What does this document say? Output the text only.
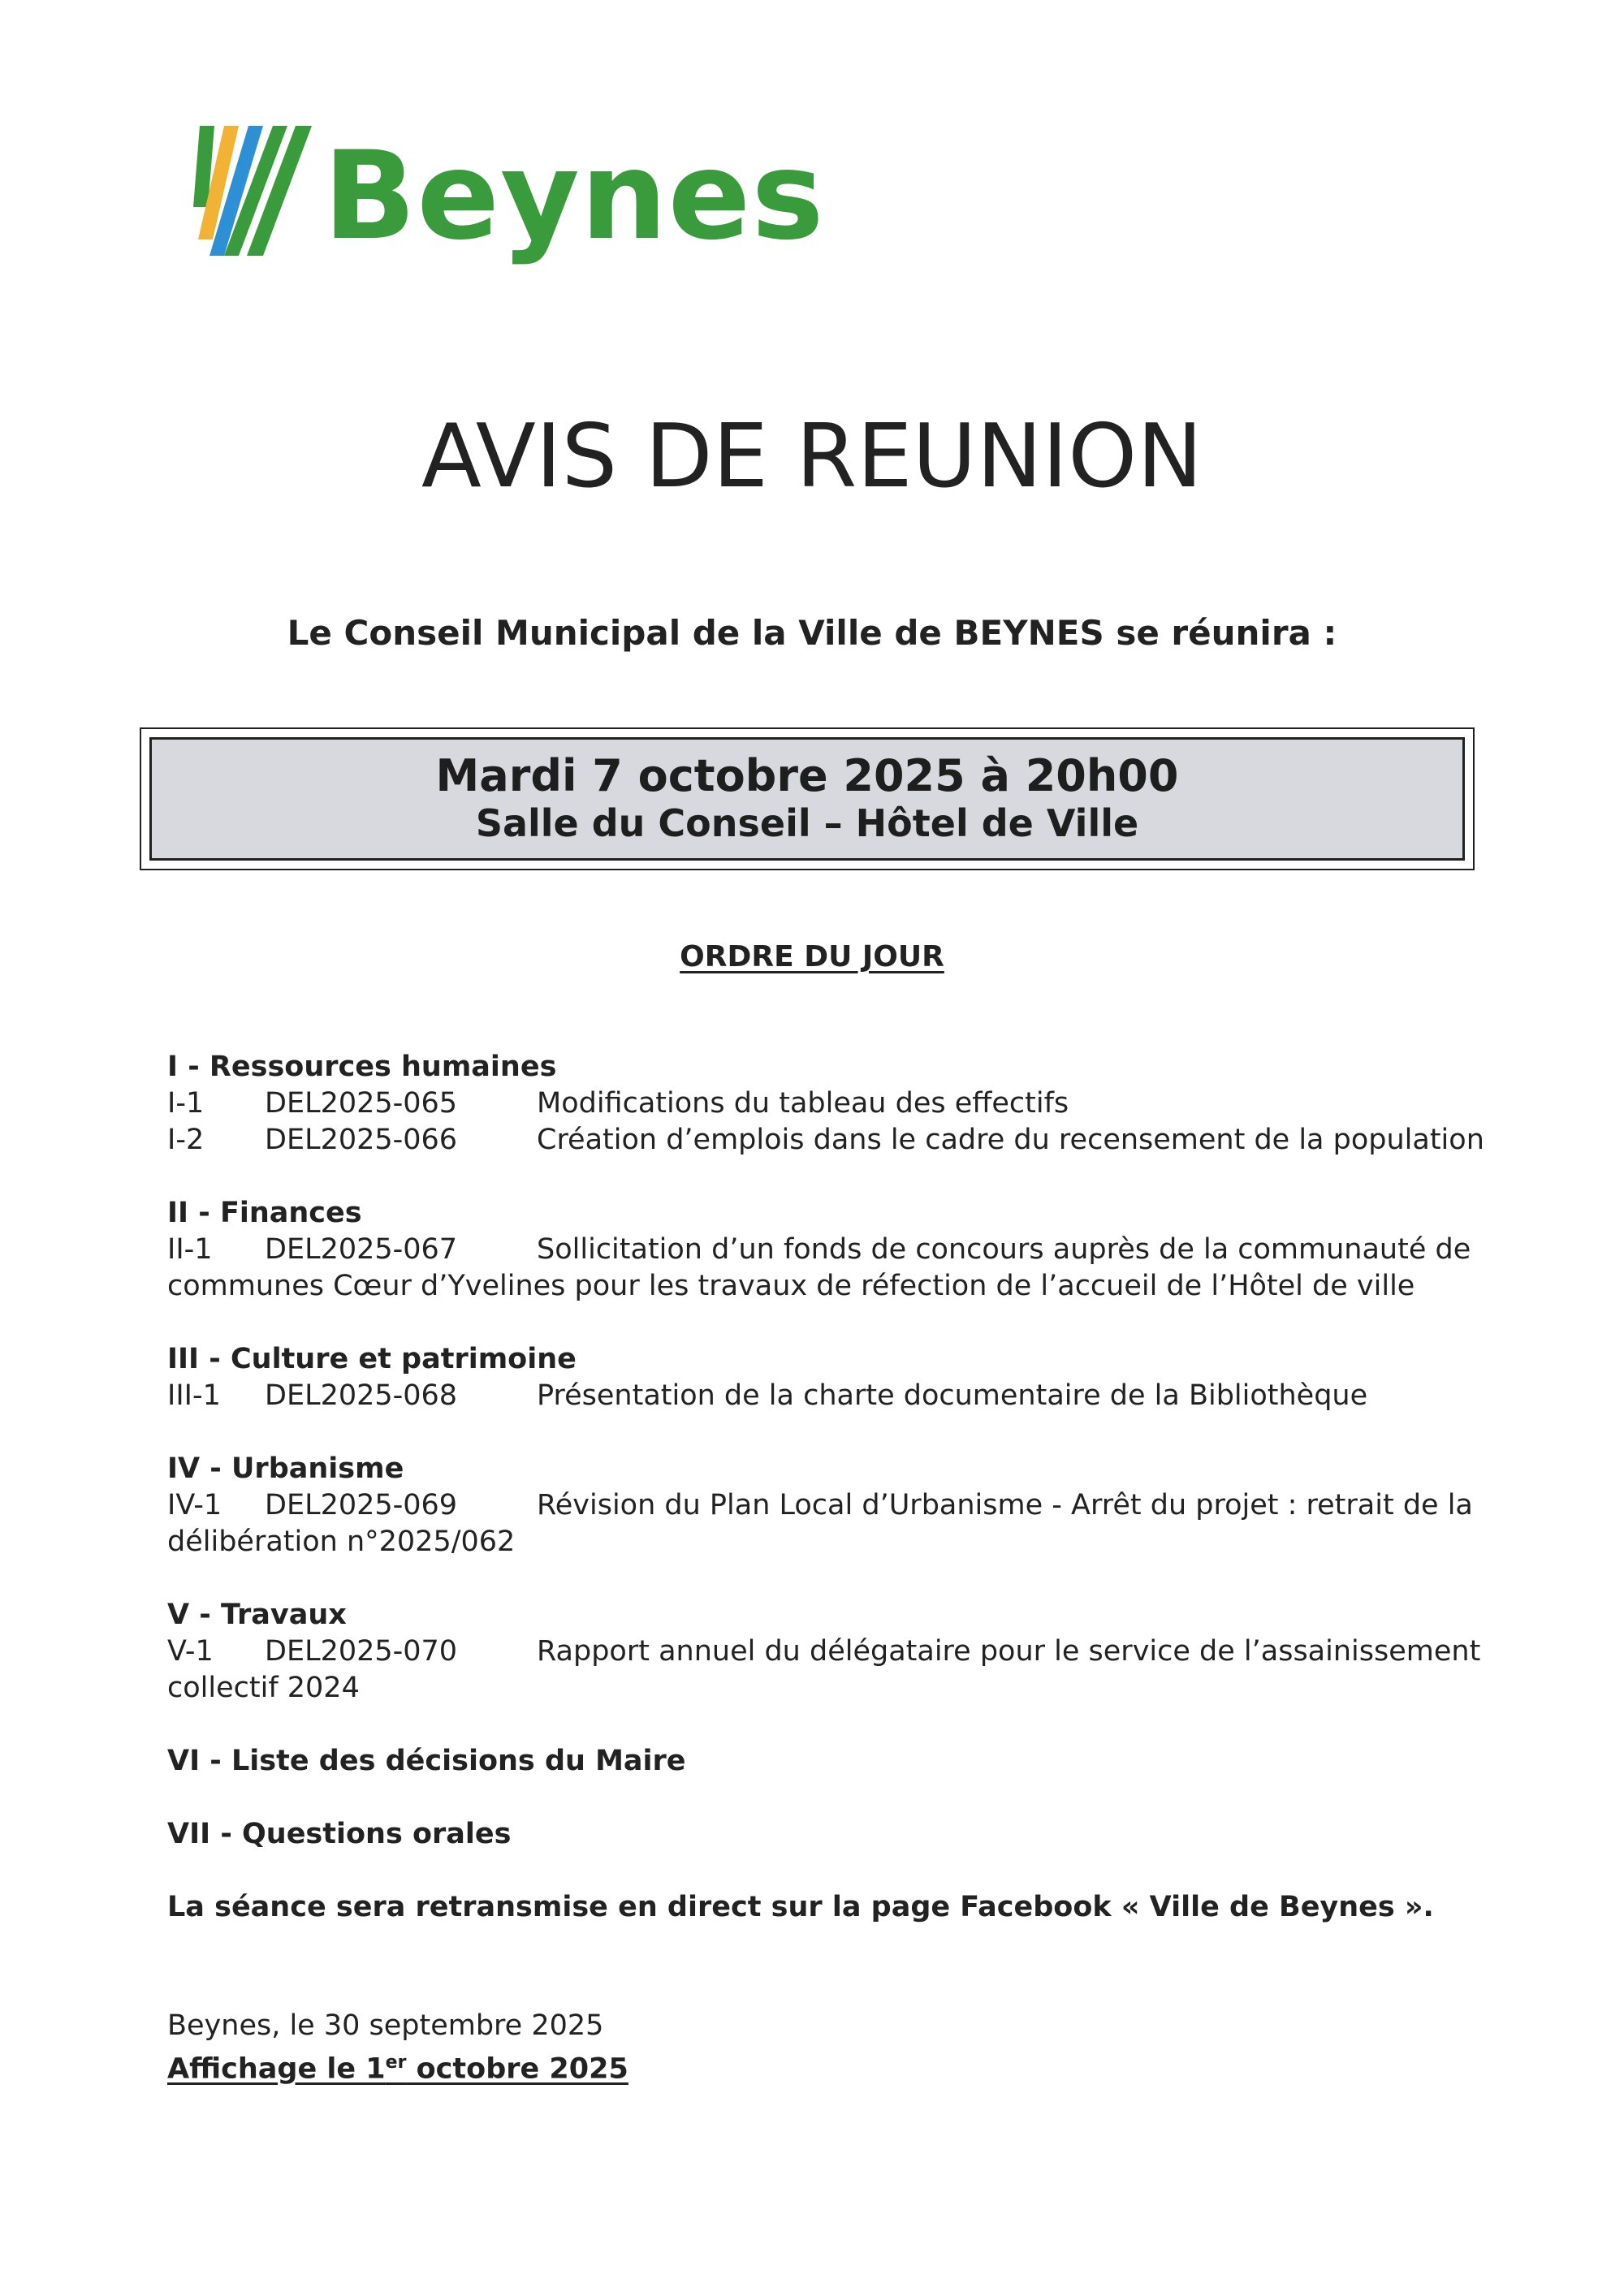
Beynes
AVIS DE REUNION
Le Conseil Municipal de la Ville de BEYNES se réunira :
Mardi 7 octobre 2025 à 20h00
Salle du Conseil – Hôtel de Ville
ORDRE DU JOUR
I - Ressources humaines
I-1	DEL2025-065	Modifications du tableau des effectifs
I-2	DEL2025-066	Création d’emplois dans le cadre du recensement de la population
II - Finances
II-1	DEL2025-067	Sollicitation d’un fonds de concours auprès de la communauté de
communes Cœur d’Yvelines pour les travaux de réfection de l’accueil de l’Hôtel de ville
III - Culture et patrimoine
III-1	DEL2025-068	Présentation de la charte documentaire de la Bibliothèque
IV - Urbanisme
IV-1	DEL2025-069	Révision du Plan Local d’Urbanisme - Arrêt du projet : retrait de la
délibération n°2025/062
V - Travaux
V-1	DEL2025-070	Rapport annuel du délégataire pour le service de l’assainissement
collectif 2024
VI - Liste des décisions du Maire
VII - Questions orales
La séance sera retransmise en direct sur la page Facebook « Ville de Beynes ».
Beynes, le 30 septembre 2025
Affichage le 1er octobre 2025
